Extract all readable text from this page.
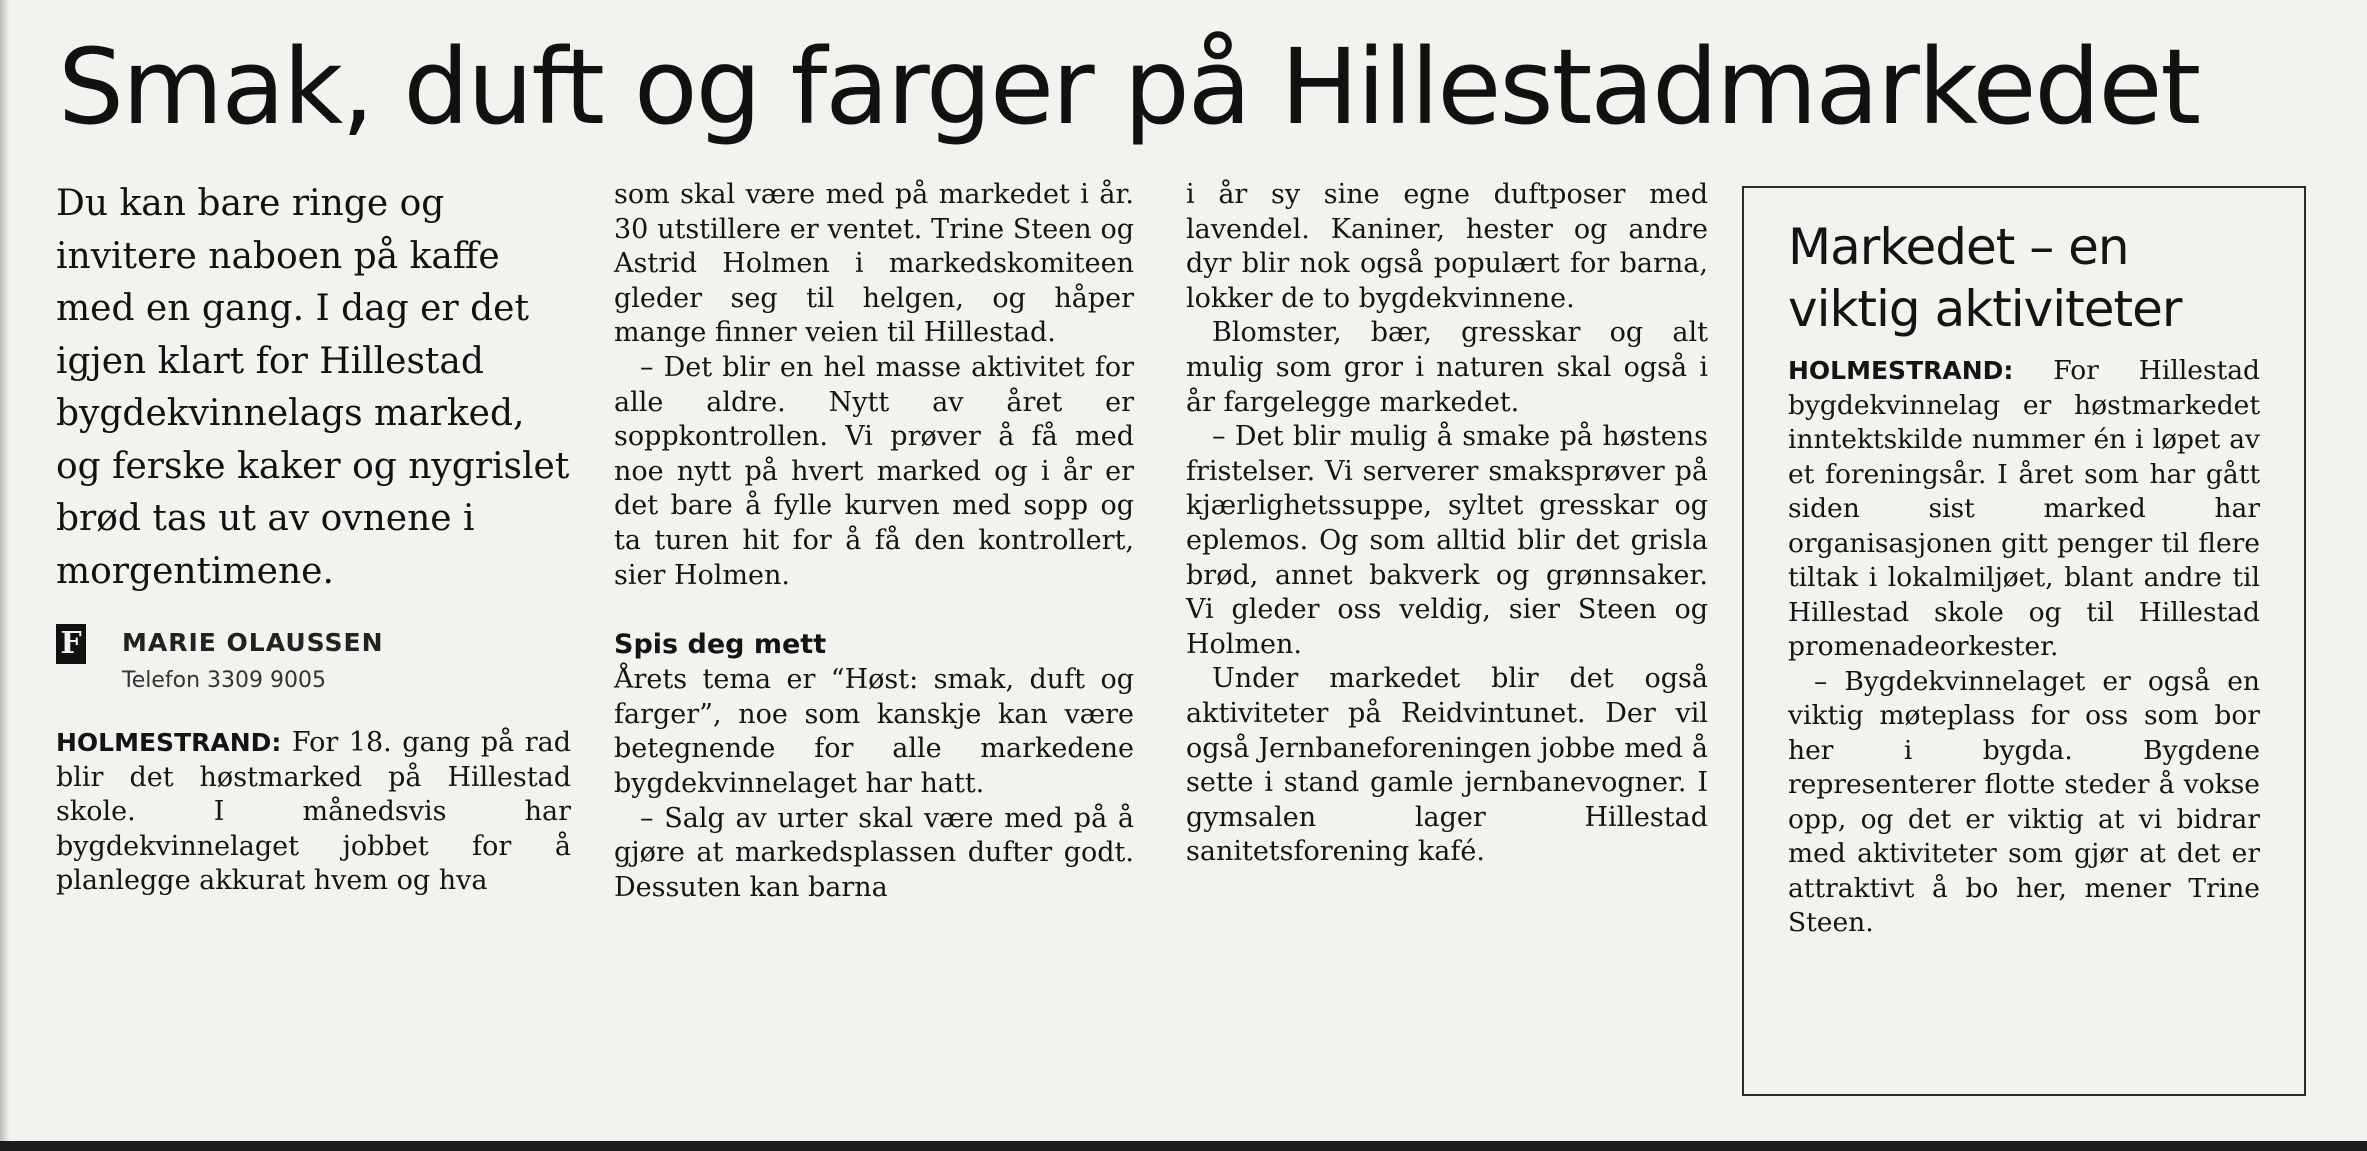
Smak, duft og farger på Hillestadmarkedet

Du kan bare ringe og invitere naboen på kaffe med en gang. I dag er det igjen klart for Hillestad bygdekvinnelags marked, og ferske kaker og nygrislet brød tas ut av ovnene i morgentimene.

F MARIE OLAUSSEN
Telefon 3309 9005

HOLMESTRAND: For 18. gang på rad blir det høstmarked på Hillestad skole. I månedsvis har bygdekvinnelaget jobbet for å planlegge akkurat hvem og hva

som skal være med på markedet i år. 30 utstillere er ventet. Trine Steen og Astrid Holmen i markedskomiteen gleder seg til helgen, og håper mange finner veien til Hillestad.

– Det blir en hel masse aktivitet for alle aldre. Nytt av året er soppkontrollen. Vi prøver å få med noe nytt på hvert marked og i år er det bare å fylle kurven med sopp og ta turen hit for å få den kontrollert, sier Holmen.

Spis deg mett

Årets tema er “Høst: smak, duft og farger”, noe som kanskje kan være betegnende for alle markedene bygdekvinnelaget har hatt.

– Salg av urter skal være med på å gjøre at markedsplassen dufter godt. Dessuten kan barna

i år sy sine egne duftposer med lavendel. Kaniner, hester og andre dyr blir nok også populært for barna, lokker de to bygdekvinnene.

Blomster, bær, gresskar og alt mulig som gror i naturen skal også i år fargelegge markedet.

– Det blir mulig å smake på høstens fristelser. Vi serverer smaksprøver på kjærlighetssuppe, syltet gresskar og eplemos. Og som alltid blir det grisla brød, annet bakverk og grønnsaker. Vi gleder oss veldig, sier Steen og Holmen.

Under markedet blir det også aktiviteter på Reidvintunet. Der vil også Jernbaneforeningen jobbe med å sette i stand gamle jernbanevogner. I gymsalen lager Hillestad sanitetsforening kafé.

Markedet – en
viktig aktiviteter

HOLMESTRAND: For Hillestad bygdekvinnelag er høstmarkedet inntektskilde nummer én i løpet av et foreningsår. I året som har gått siden sist marked har organisasjonen gitt penger til flere tiltak i lokalmiljøet, blant andre til Hillestad skole og til Hillestad promenadeorkester.

– Bygdekvinnelaget er også en viktig møteplass for oss som bor her i bygda. Bygdene representerer flotte steder å vokse opp, og det er viktig at vi bidrar med aktiviteter som gjør at det er attraktivt å bo her, mener Trine Steen.
